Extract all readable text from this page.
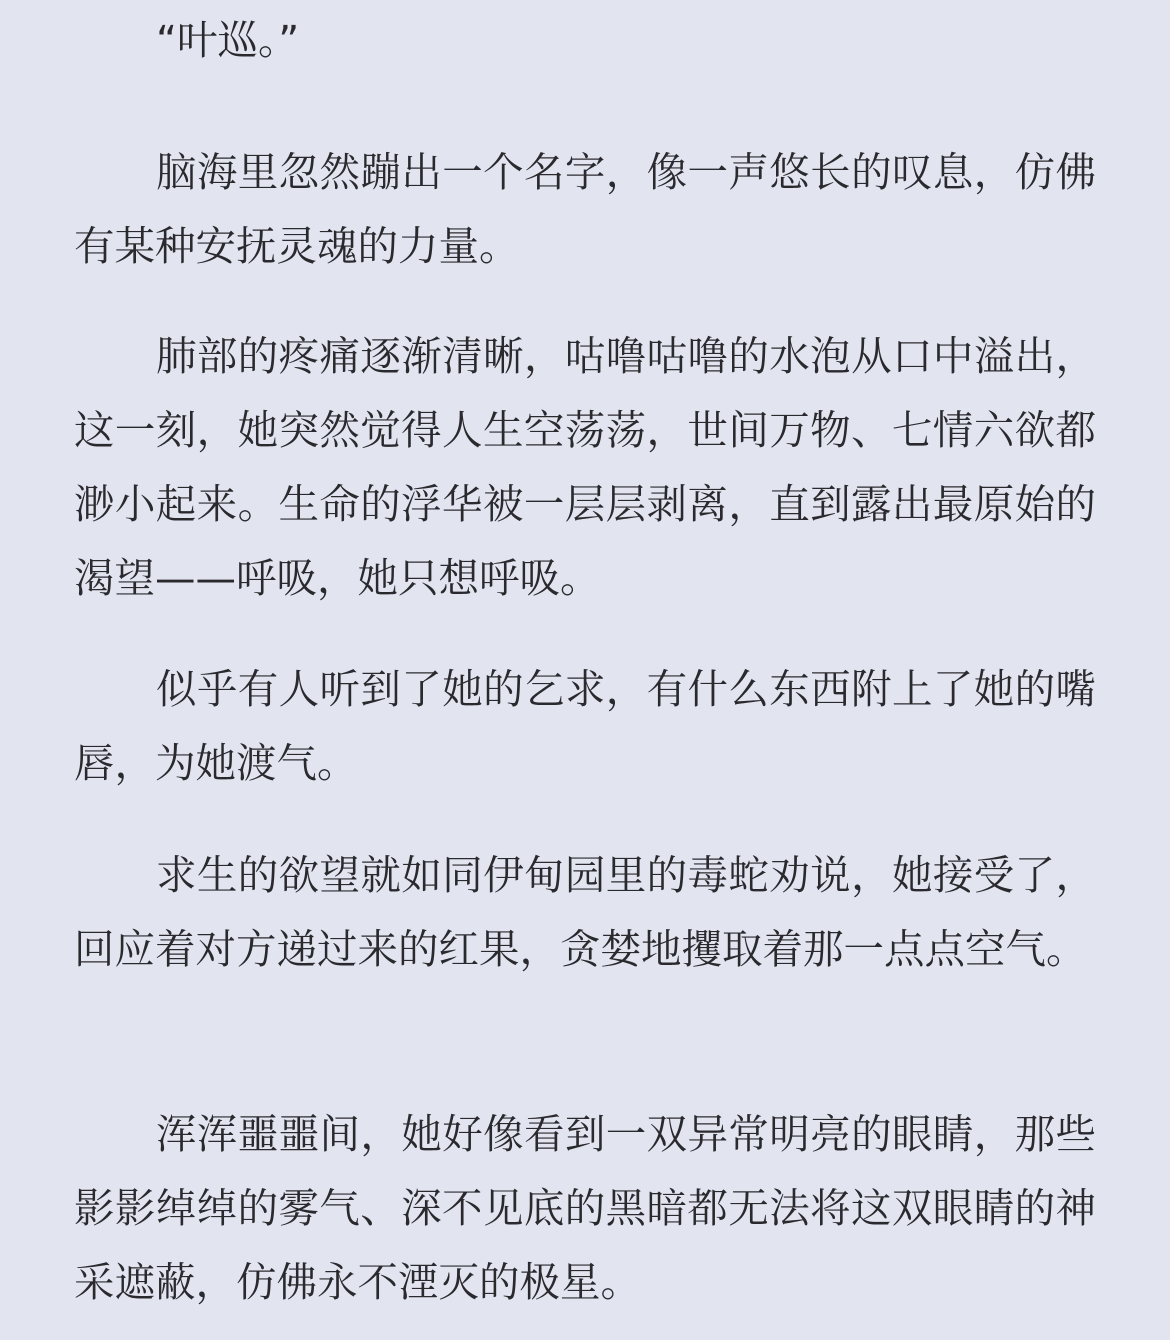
“叶巡。”

脑海里忽然蹦出一个名字，像一声悠长的叹息，仿佛有某种安抚灵魂的力量。

肺部的疼痛逐渐清晰，咕噜咕噜的水泡从口中溢出，这一刻，她突然觉得人生空荡荡，世间万物、七情六欲都渺小起来。生命的浮华被一层层剥离，直到露出最原始的渴望——呼吸，她只想呼吸。

似乎有人听到了她的乞求，有什么东西附上了她的嘴唇，为她渡气。

求生的欲望就如同伊甸园里的毒蛇劝说，她接受了，回应着对方递过来的红果，贪婪地攫取着那一点点空气。

浑浑噩噩间，她好像看到一双异常明亮的眼睛，那些影影绰绰的雾气、深不见底的黑暗都无法将这双眼睛的神采遮蔽，仿佛永不湮灭的极星。
